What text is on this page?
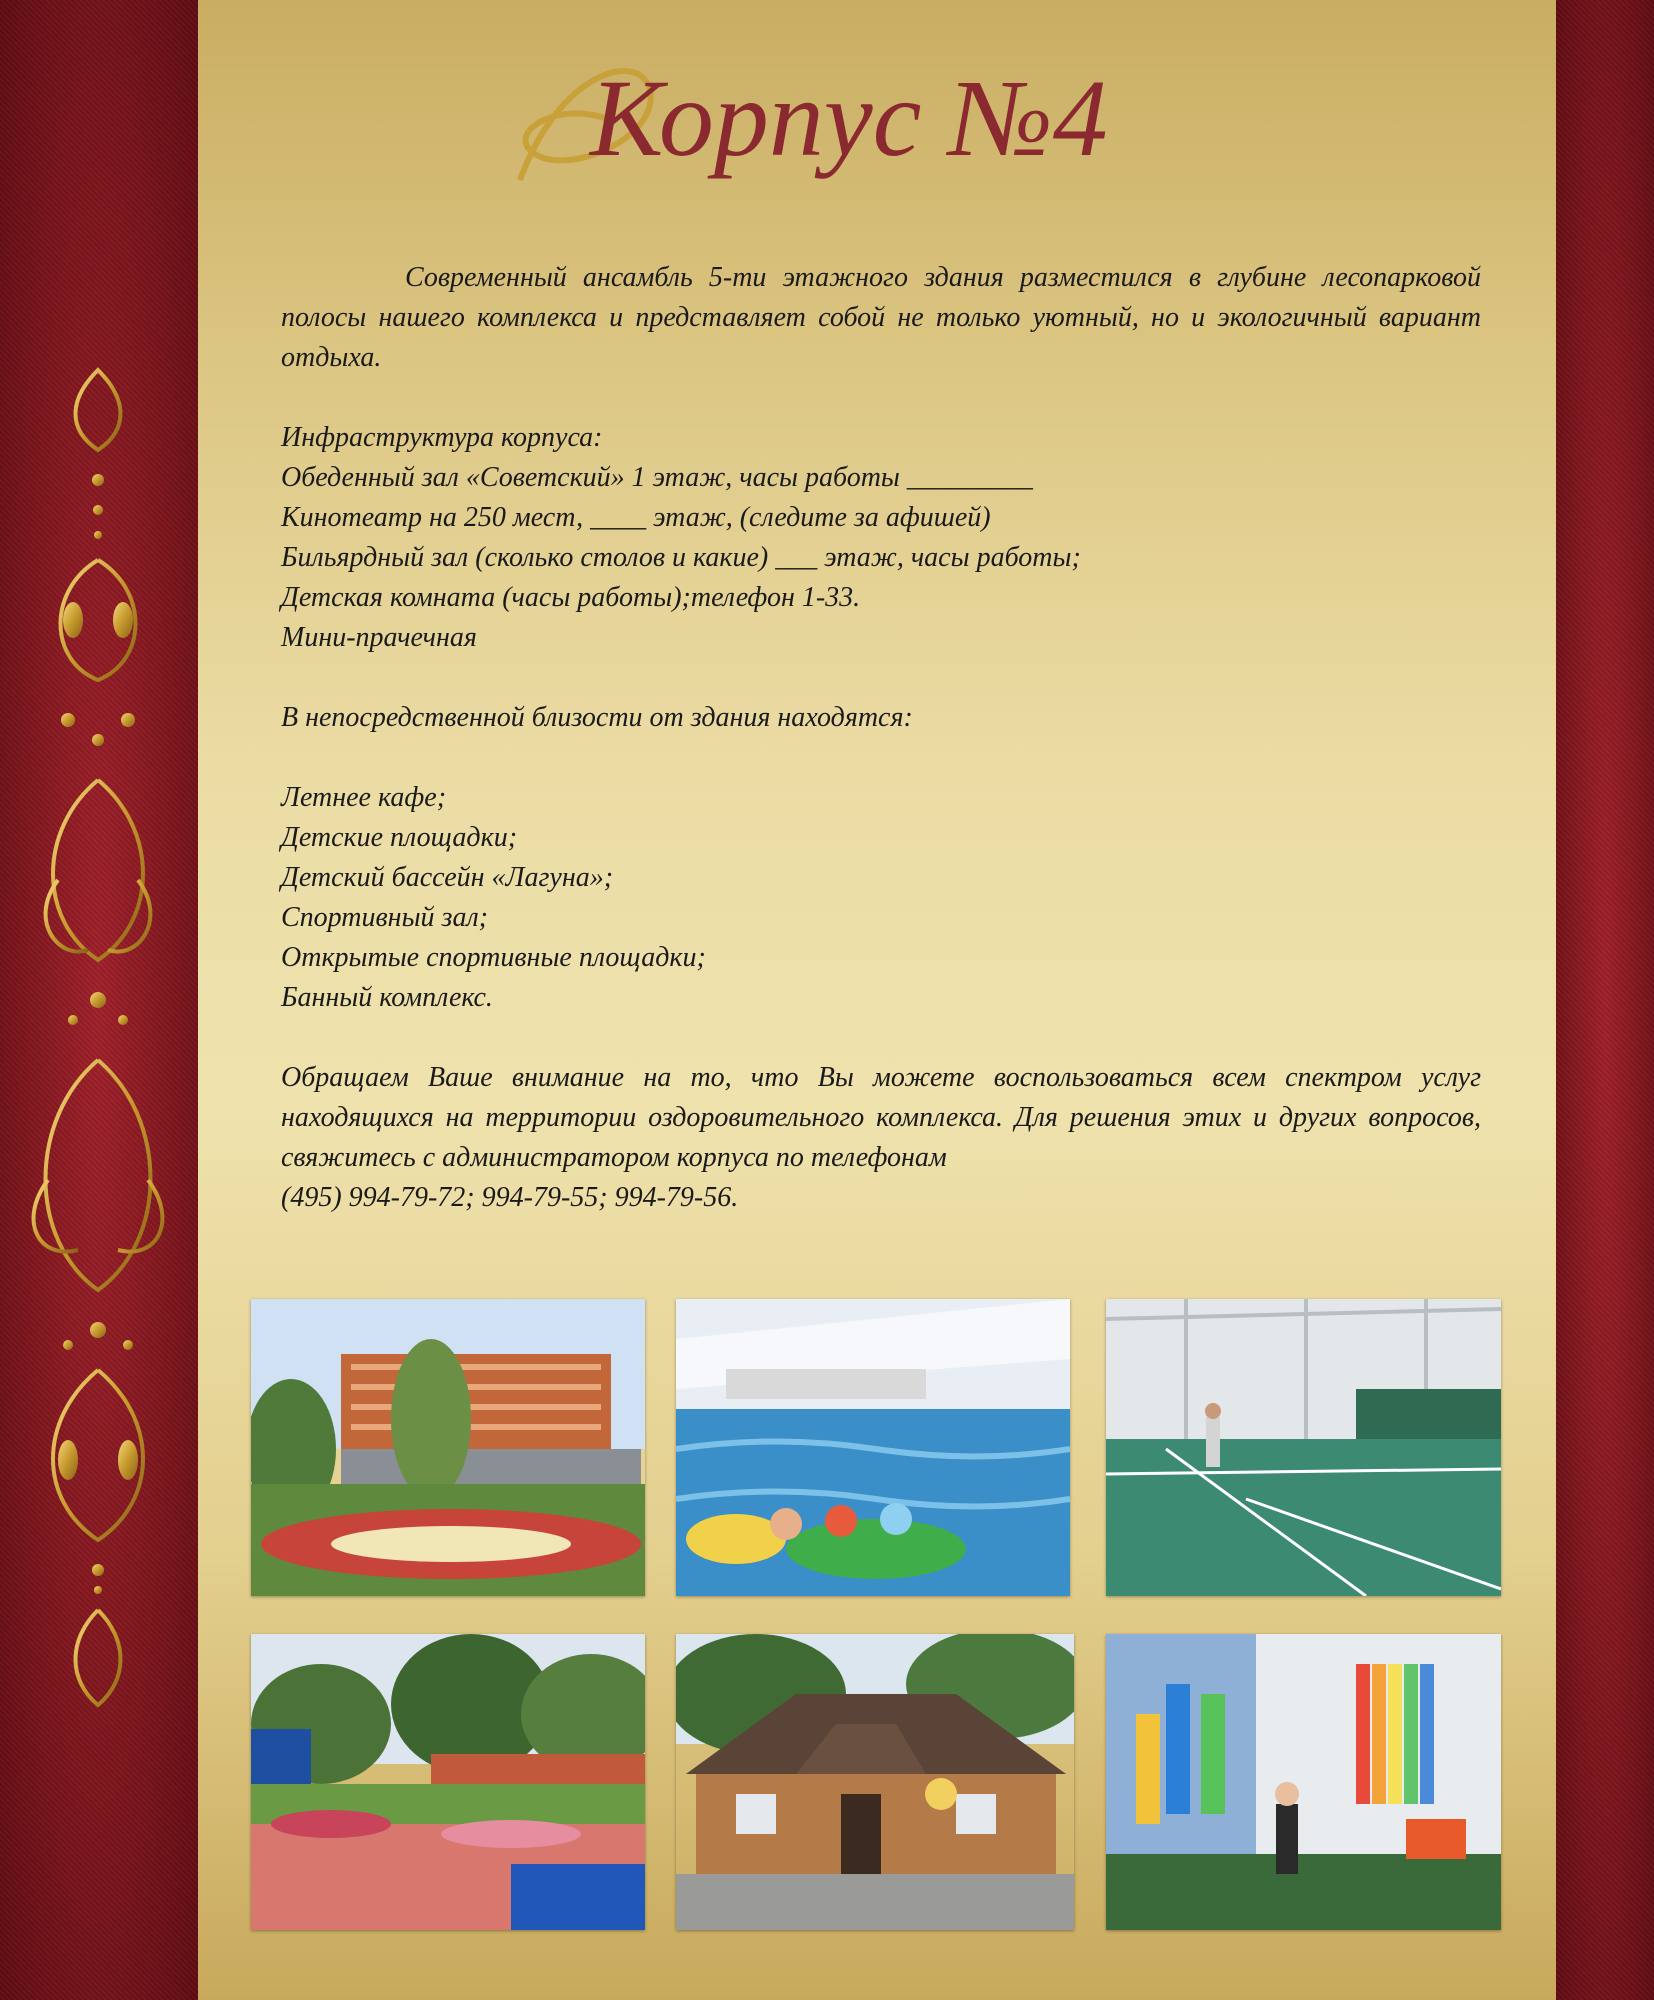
Корпус №4

Современный ансамбль 5-ти этажного здания разместился в глубине лесопарковой полосы нашего комплекса и представляет собой не только уютный, но и экологичный вариант отдыха.

Инфраструктура корпуса:

Обеденный зал «Советский» 1 этаж, часы работы _________

Кинотеатр на 250 мест, ____ этаж, (следите за афишей)

Бильярдный зал (сколько столов и какие) ___ этаж, часы работы;

Детская комната (часы работы);телефон 1-33.

Мини-прачечная

В непосредственной близости от здания находятся:

Летнее кафе;

Детские площадки;

Детский бассейн «Лагуна»;

Спортивный зал;

Открытые спортивные площадки;

Банный комплекс.

Обращаем Ваше внимание на то, что Вы можете воспользоваться всем спектром услуг находящихся на территории оздоровительного комплекса. Для решения этих и других вопросов, свяжитесь с администратором корпуса по телефонам

(495) 994-79-72; 994-79-55; 994-79-56.
